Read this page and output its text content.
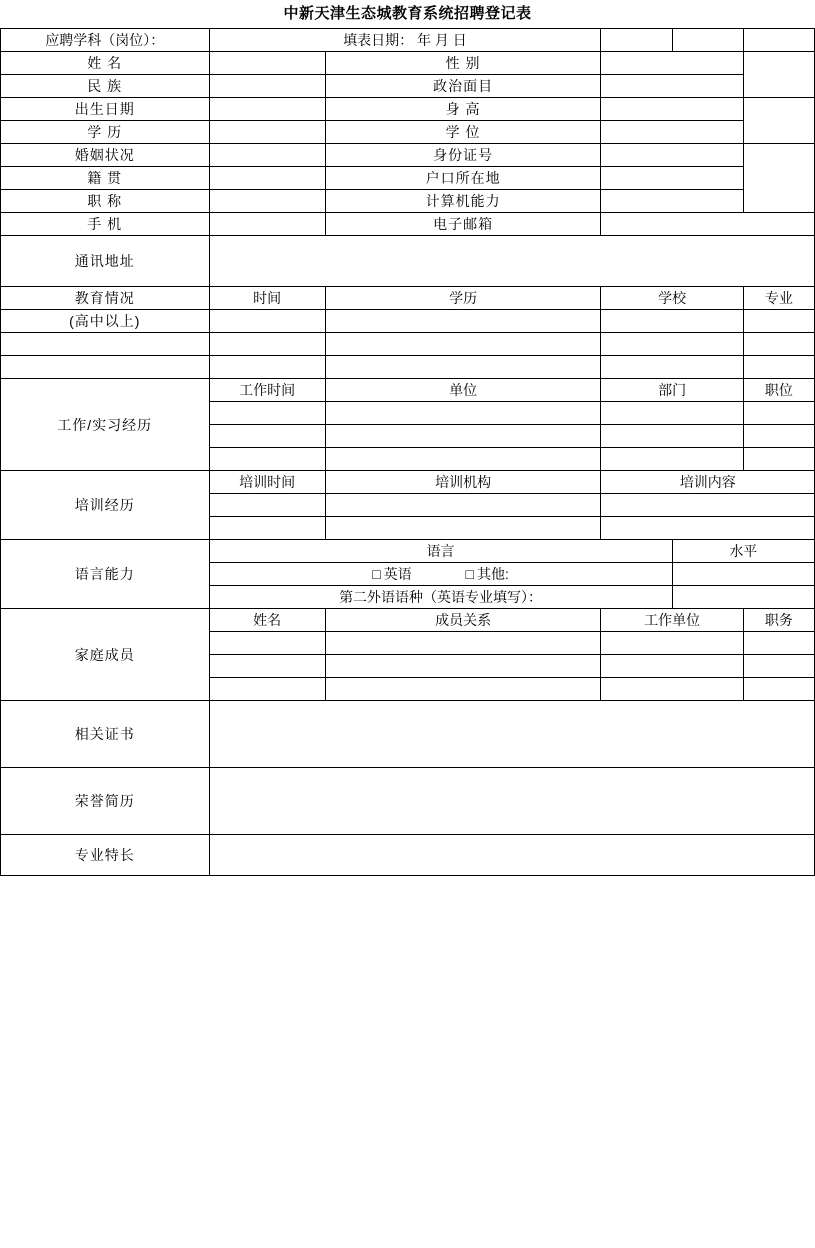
中新天津生态城教育系统招聘登记表
应聘学科（岗位）：	填表日期： 年 月 日				
姓 名		性 别			
民 族		政治面目			
出生日期		身 高			
学 历		学 位			
婚姻状况		身份证号			
籍 贯		户口所在地			
职 称		计算机能力			
手 机		电子邮箱			
通讯地址					
教育情况	时间	学历	学校		专业
(高中以上)					

工作/实习经历	工作时间	单位	部门		职位

培训经历	培训时间	培训机构	培训内容		

语言能力	语言			水平	
	□ 英语 □ 其他:				
	第二外语语种（英语专业填写）：				
家庭成员	姓名	成员关系	工作单位		职务

相关证书					
荣誉简历					
专业特长					
